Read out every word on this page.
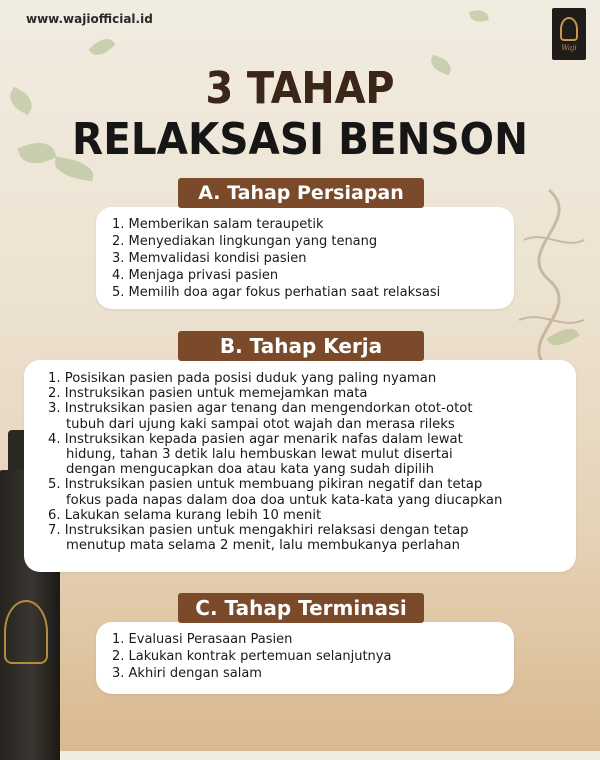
www.wajiofficial.id
Waji
3 TAHAP
RELAKSASI BENSON
1. Memberikan salam teraupetik
2. Menyediakan lingkungan yang tenang
3. Memvalidasi kondisi pasien
4. Menjaga privasi pasien
5. Memilih doa agar fokus perhatian saat relaksasi
A. Tahap Persiapan
1. Posisikan pasien pada posisi duduk yang paling nyaman
2. Instruksikan pasien untuk memejamkan mata
3. Instruksikan pasien agar tenang dan mengendorkan otot-otot
tubuh dari ujung kaki sampai otot wajah dan merasa rileks
4. Instruksikan kepada pasien agar menarik nafas dalam lewat
hidung, tahan 3 detik lalu hembuskan lewat mulut disertai
dengan mengucapkan doa atau kata yang sudah dipilih
5. Instruksikan pasien untuk membuang pikiran negatif dan tetap
fokus pada napas dalam doa doa untuk kata-kata yang diucapkan
6. Lakukan selama kurang lebih 10 menit
7. Instruksikan pasien untuk mengakhiri relaksasi dengan tetap
menutup mata selama 2 menit, lalu membukanya perlahan
B. Tahap Kerja
1. Evaluasi Perasaan Pasien
2. Lakukan kontrak pertemuan selanjutnya
3. Akhiri dengan salam
C. Tahap Terminasi
